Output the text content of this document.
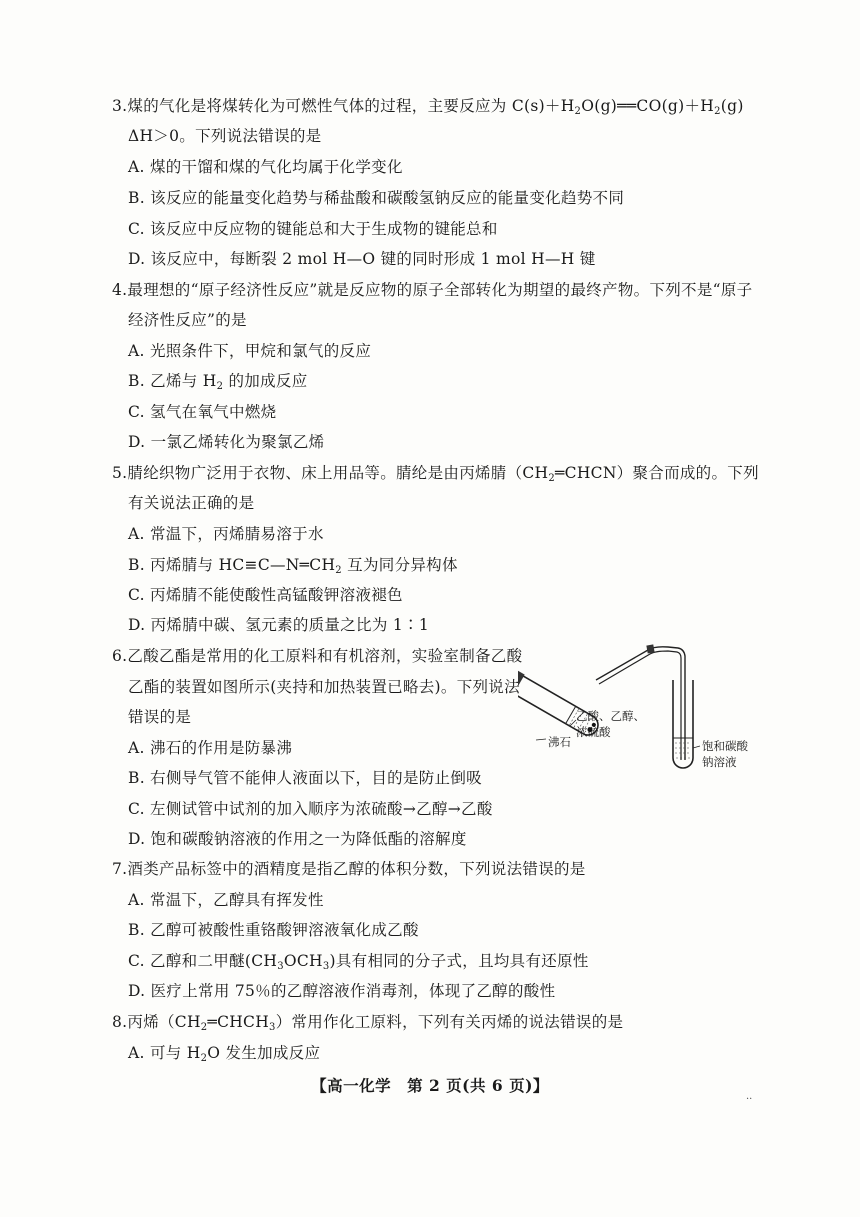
3.煤的气化是将煤转化为可燃性气体的过程，主要反应为 $C(s)+H_2O(g)══CO(g)+H_2(g)$
ΔH＞0。下列说法错误的是
A. 煤的干馏和煤的气化均属于化学变化
B. 该反应的能量变化趋势与稀盐酸和碳酸氢钠反应的能量变化趋势不同
C. 该反应中反应物的键能总和大于生成物的键能总和
D. 该反应中，每断裂 2 mol H—O 键的同时形成 1 mol H—H 键
4.最理想的“原子经济性反应”就是反应物的原子全部转化为期望的最终产物。下列不是“原子
经济性反应”的是
A. 光照条件下，甲烷和氯气的反应
B. 乙烯与 $H_2$ 的加成反应
C. 氢气在氧气中燃烧
D. 一氯乙烯转化为聚氯乙烯
5.腈纶织物广泛用于衣物、床上用品等。腈纶是由丙烯腈$(CH_2═CHCN)$聚合而成的。下列
有关说法正确的是
A. 常温下，丙烯腈易溶于水
B. 丙烯腈与 $HC\equiv C—N═CH_2$ 互为同分异构体
C. 丙烯腈不能使酸性高锰酸钾溶液褪色
D. 丙烯腈中碳、氢元素的质量之比为 1∶1
6.乙酸乙酯是常用的化工原料和有机溶剂，实验室制备乙酸
乙酯的装置如图所示(夹持和加热装置已略去)。下列说法
错误的是
A. 沸石的作用是防暴沸
B. 右侧导气管不能伸人液面以下，目的是防止倒吸
C. 左侧试管中试剂的加入顺序为浓硫酸→乙醇→乙酸
D. 饱和碳酸钠溶液的作用之一为降低酯的溶解度
乙酸、乙醇、
浓硫酸
沸石	饱和碳酸
钠溶液
7.酒类产品标签中的酒精度是指乙醇的体积分数，下列说法错误的是
A. 常温下，乙醇具有挥发性
B. 乙醇可被酸性重铬酸钾溶液氧化成乙酸
C. 乙醇和二甲醚$(CH_3OCH_3)$具有相同的分子式，且均具有还原性
D. 医疗上常用 75％的乙醇溶液作消毒剂，体现了乙醇的酸性
8.丙烯$(CH_2═CHCH_3)$常用作化工原料，下列有关丙烯的说法错误的是
A. 可与 $H_2O$ 发生加成反应
【高一化学　第 2 页(共 6 页)】
··
